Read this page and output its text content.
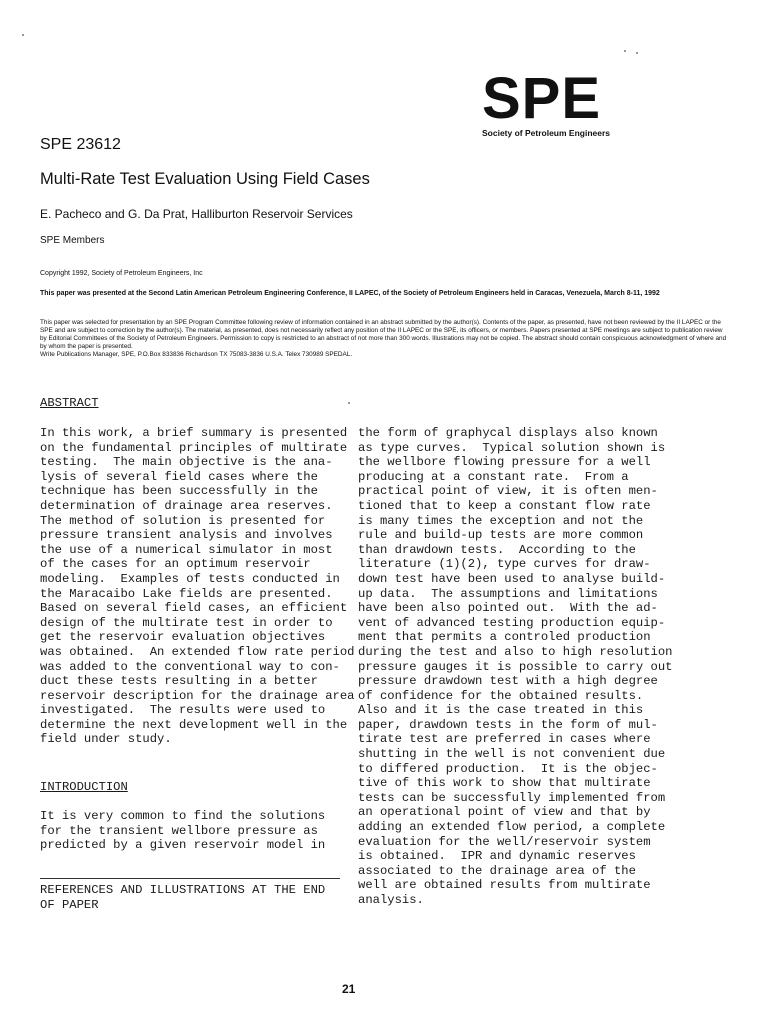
SPE
Society of Petroleum Engineers
SPE 23612
Multi-Rate Test Evaluation Using Field Cases
E. Pacheco and G. Da Prat, Halliburton Reservoir Services
SPE Members
Copyright 1992, Society of Petroleum Engineers, Inc
This paper was presented at the Second Latin American Petroleum Engineering Conference, II LAPEC, of the Society of Petroleum Engineers held in Caracas, Venezuela, March 8-11, 1992
This paper was selected for presentation by an SPE Program Committee following review of information contained in an abstract submitted by the author(s). Contents of the paper, as presented, have not been reviewed by the II LAPEC or the SPE and are subject to correction by the author(s). The material, as presented, does not necessarily reflect any position of the II LAPEC or the SPE, its officers, or members. Papers presented at SPE meetings are subject to publication review by Editorial Committees of the Society of Petroleum Engineers. Permission to copy is restricted to an abstract of not more than 300 words. Illustrations may not be copied. The abstract should contain conspicuous acknowledgment of where and by whom the paper is presented.
Write Publications Manager, SPE, P.O.Box 833836 Richardson TX 75083-3836 U.S.A. Telex 730989 SPEDAL.
ABSTRACT
In this work, a brief summary is presented
on the fundamental principles of multirate
testing.  The main objective is the ana-
lysis of several field cases where the
technique has been successfully in the
determination of drainage area reserves.
The method of solution is presented for
pressure transient analysis and involves
the use of a numerical simulator in most
of the cases for an optimum reservoir
modeling.  Examples of tests conducted in
the Maracaibo Lake fields are presented.
Based on several field cases, an efficient
design of the multirate test in order to
get the reservoir evaluation objectives
was obtained.  An extended flow rate period
was added to the conventional way to con-
duct these tests resulting in a better
reservoir description for the drainage area
investigated.  The results were used to
determine the next development well in the
field under study.
INTRODUCTION
It is very common to find the solutions
for the transient wellbore pressure as
predicted by a given reservoir model in
REFERENCES AND ILLUSTRATIONS AT THE END
OF PAPER
the form of graphycal displays also known
as type curves.  Typical solution shown is
the wellbore flowing pressure for a well
producing at a constant rate.  From a
practical point of view, it is often men-
tioned that to keep a constant flow rate
is many times the exception and not the
rule and build-up tests are more common
than drawdown tests.  According to the
literature (1)(2), type curves for draw-
down test have been used to analyse build-
up data.  The assumptions and limitations
have been also pointed out.  With the ad-
vent of advanced testing production equip-
ment that permits a controled production
during the test and also to high resolution
pressure gauges it is possible to carry out
pressure drawdown test with a high degree
of confidence for the obtained results.
Also and it is the case treated in this
paper, drawdown tests in the form of mul-
tirate test are preferred in cases where
shutting in the well is not convenient due
to differed production.  It is the objec-
tive of this work to show that multirate
tests can be successfully implemented from
an operational point of view and that by
adding an extended flow period, a complete
evaluation for the well/reservoir system
is obtained.  IPR and dynamic reserves
associated to the drainage area of the
well are obtained results from multirate
analysis.
21
